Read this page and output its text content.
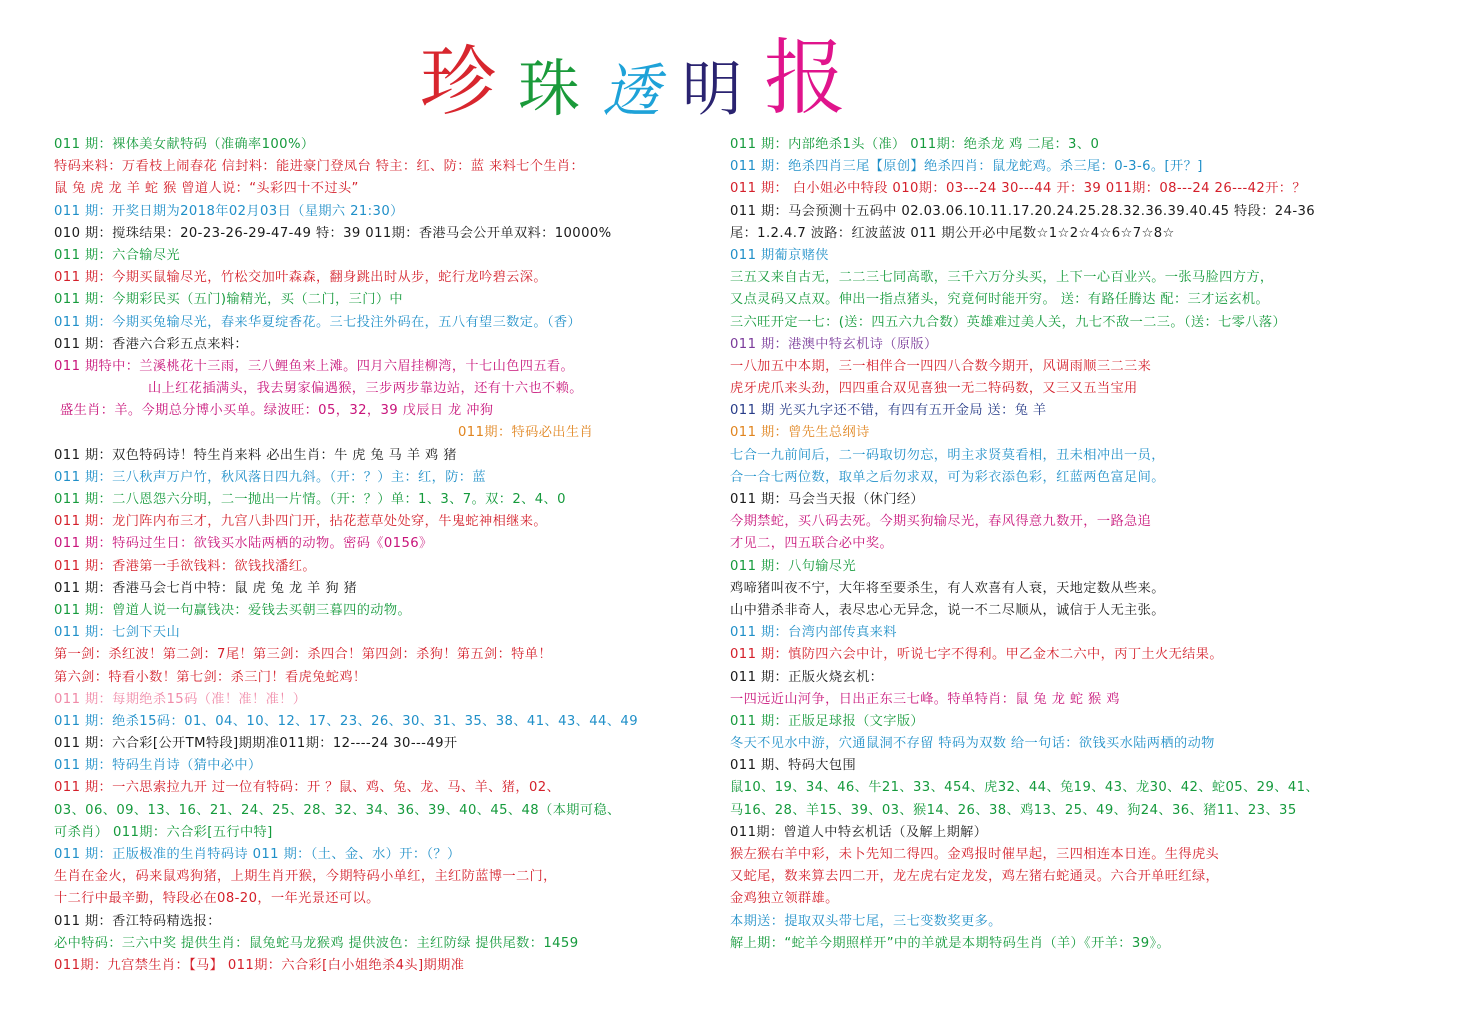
珍 珠 透 明 报
011 期：裸体美女献特码（准确率100%）
特码来料：万看枝上闹春花 信封料：能进豪门登凤台 特主：红、防：蓝 来料七个生肖：
鼠 兔 虎 龙 羊 蛇 猴 曾道人说：“头彩四十不过头”
011 期：开奖日期为2018年02月03日（星期六 21:30）
010 期：搅珠结果：20-23-26-29-47-49 特：39 011期：香港马会公开单双料：10000%
011 期：六合输尽光
011 期：今期买鼠输尽光，竹松交加叶森森，翻身跳出时从步，蛇行龙吟碧云深。
011 期：今期彩民买（五门)输精光，买（二门，三门）中
011 期：今期买兔输尽光，春来华夏绽香花。三七投注外码在，五八有望三数定。（香）
011 期：香港六合彩五点来料：
011 期特中：兰溪桃花十三雨，三八鲤鱼来上滩。四月六眉挂柳湾，十七山色四五看。
山上红花插满头，我去舅家偏遇猴，三步两步靠边站，还有十六也不赖。
盛生肖：羊。今期总分博小买单。绿波旺：05，32，39 戊辰日 龙 冲狗
011期：特码必出生肖
011 期：双色特码诗！特生肖来料 必出生肖：牛 虎 兔 马 羊 鸡 猪
011 期：三八秋声万户竹，秋风落日四九斜。（开：？）主：红，防：蓝
011 期：二八恩怨六分明，二一抛出一片情。（开：？）单：1、3、7。双：2、4、0
011 期：龙门阵内布三才，九宫八卦四门开，拈花惹草处处穿，牛鬼蛇神相继来。
011 期：特码过生日：欲钱买水陆两栖的动物。密码《0156》
011 期：香港第一手欲钱料：欲钱找潘红。
011 期：香港马会七肖中特：鼠 虎 兔 龙 羊 狗 猪
011 期：曾道人说一句赢钱决：爱钱去买朝三暮四的动物。
011 期：七剑下天山
第一剑：杀红波！第二剑：7尾！第三剑：杀四合！第四剑：杀狗！第五剑：特单！
第六剑：特看小数！第七剑：杀三门！看虎兔蛇鸡！
011 期：每期绝杀15码（准！准！准！）
011 期：绝杀15码：01、04、10、12、17、23、26、30、31、35、38、41、43、44、49
011 期：六合彩[公开TM特段]期期准011期：12----24 30---49开
011 期：特码生肖诗（猜中必中）
011 期：一六思索拉九开 过一位有特码：开 ？鼠、鸡、兔、龙、马、羊、猪，02、
03、06、09、13、16、21、24、25、28、32、34、36、39、40、45、48（本期可稳、
可杀肖） 011期：六合彩[五行中特]
011 期：正版极准的生肖特码诗 011 期：（土、金、水）开：（？）
生肖在金火，码来鼠鸡狗猪，上期生肖开猴，今期特码小单红，主红防蓝博一二门，
十二行中最辛勤，特段必在08-20，一年光景还可以。
011 期：香江特码精选报：
必中特码：三六中奖 提供生肖：鼠兔蛇马龙猴鸡 提供波色：主红防绿 提供尾数：1459
011期：九宫禁生肖：【马】 011期：六合彩[白小姐绝杀4头]期期准
011 期：内部绝杀1头（准） 011期：绝杀龙 鸡 二尾：3、0
011 期：绝杀四肖三尾【原创】绝杀四肖：鼠龙蛇鸡。杀三尾：0-3-6。[开？]
011 期： 白小姐必中特段 010期：03---24 30---44 开：39 011期：08---24 26---42开：？
011 期：马会预测十五码中 02.03.06.10.11.17.20.24.25.28.32.36.39.40.45 特段：24-36
尾：1.2.4.7 波路：红波蓝波 011 期公开必中尾数☆1☆2☆4☆6☆7☆8☆
011 期葡京赌侠
三五又来自古无，二二三七同高歌，三千六万分头买，上下一心百业兴。一张马脸四方方，
又点灵码又点双。伸出一指点猪头，究竟何时能开穷。 送：有路任腾达 配：三才运玄机。
三六旺开定一七：(送：四五六九合数）英雄难过美人关，九七不敌一二三。（送：七零八落）
011 期：港澳中特玄机诗（原版）
一八加五中本期，三一相伴合一四四八合数今期开，风调雨顺三二三来
虎牙虎爪来头劲，四四重合双见喜独一无二特码数，又三又五当宝用
011 期 光买九字还不错，有四有五开金局 送：兔 羊
011 期：曾先生总纲诗
七合一九前间后，二一码取切勿忘，明主求贤莫看相，丑未相冲出一员，
合一合七两位数，取单之后勿求双，可为彩衣添色彩，红蓝两色富足间。
011 期：马会当天报（休门经）
今期禁蛇，买八码去死。今期买狗输尽光，春风得意九数开，一路急追
才见二，四五联合必中奖。
011 期：八句输尽光
鸡啼猪叫夜不宁，大年将至要杀生，有人欢喜有人衰，天地定数从些来。
山中猎杀非奇人，表尽忠心无异念，说一不二尽顺从，诚信于人无主张。
011 期：台湾内部传真来料
011 期：慎防四六会中计，听说七字不得利。甲乙金木二六中，丙丁土火无结果。
011 期：正版火烧玄机：
一四远近山河争，日出正东三七峰。特单特肖：鼠 兔 龙 蛇 猴 鸡
011 期：正版足球报（文字版）
冬天不见水中游，穴通鼠洞不存留 特码为双数 给一句话：欲钱买水陆两栖的动物
011 期、特码大包围
鼠10、19、34、46、牛21、33、454、虎32、44、兔19、43、龙30、42、蛇05、29、41、
马16、28、羊15、39、03、猴14、26、38、鸡13、25、49、狗24、36、猪11、23、35
011期：曾道人中特玄机话（及解上期解）
猴左猴右羊中彩，未卜先知二得四。金鸡报时催早起，三四相连本日连。生得虎头
又蛇尾，数来算去四二开，龙左虎右定龙发，鸡左猪右蛇通灵。六合开单旺红绿，
金鸡独立领群雄。
本期送：提取双头带七尾，三七变数奖更多。
解上期：“蛇羊今期照样开”中的羊就是本期特码生肖（羊）《开羊：39》。
